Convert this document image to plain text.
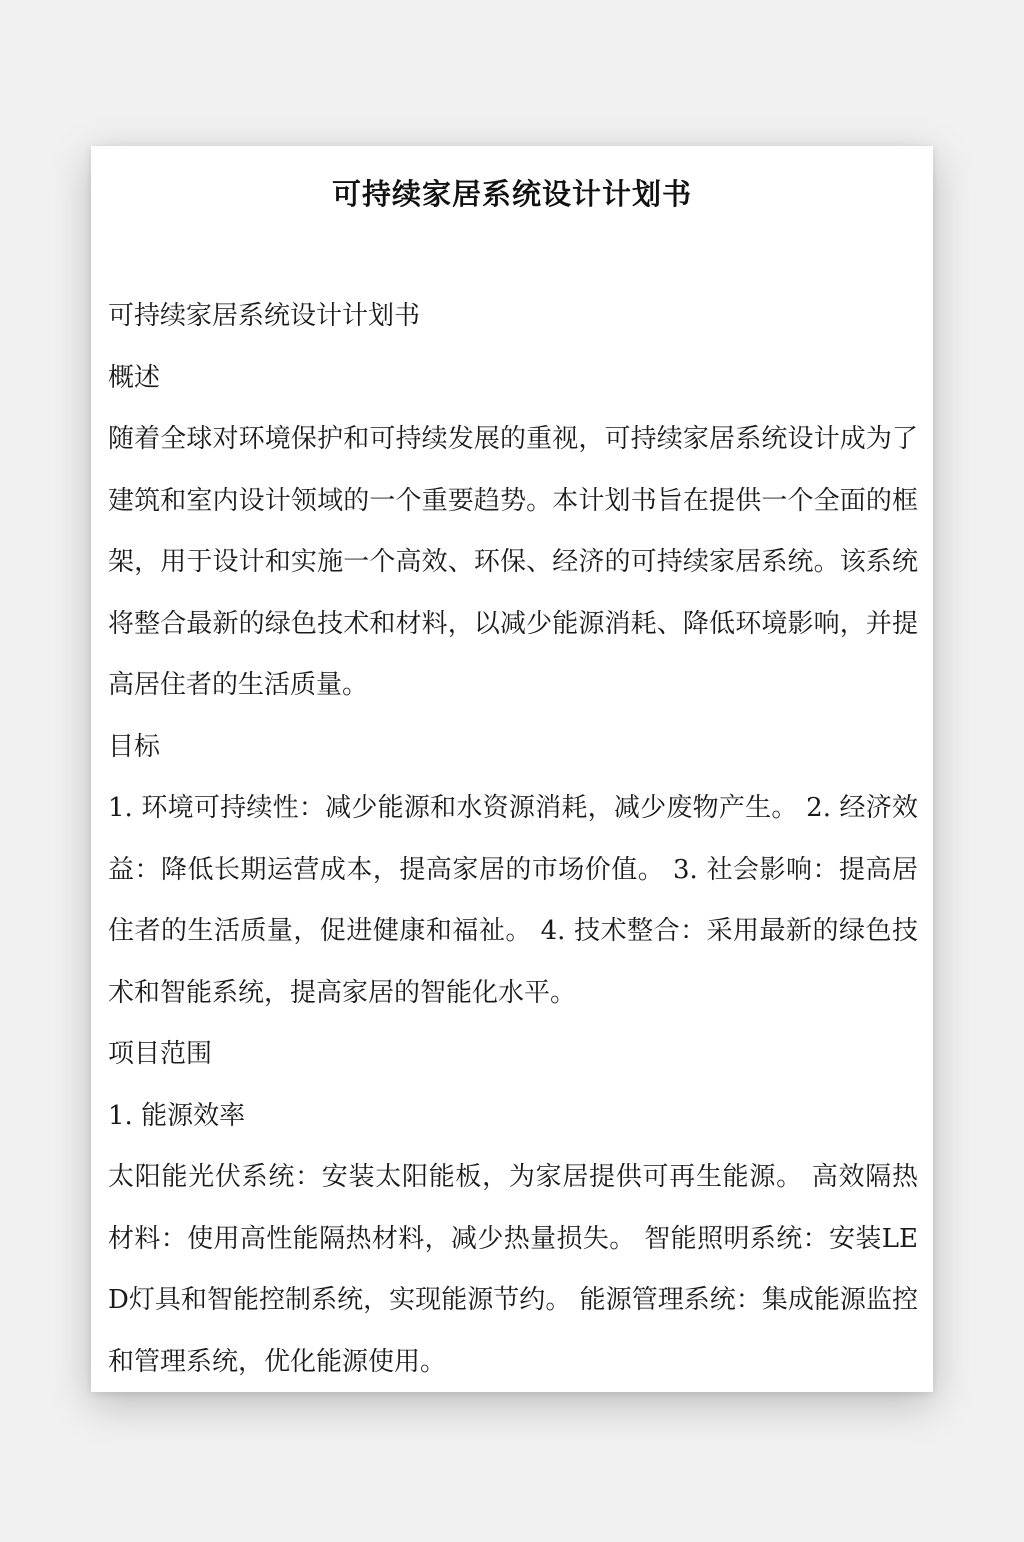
可持续家居系统设计计划书

可持续家居系统设计计划书

概述

随着全球对环境保护和可持续发展的重视，可持续家居系统设计成为了建筑和室内设计领域的一个重要趋势。本计划书旨在提供一个全面的框架，用于设计和实施一个高效、环保、经济的可持续家居系统。该系统将整合最新的绿色技术和材料，以减少能源消耗、降低环境影响，并提高居住者的生活质量。

目标

1. 环境可持续性：减少能源和水资源消耗，减少废物产生。 2. 经济效益：降低长期运营成本，提高家居的市场价值。 3. 社会影响：提高居住者的生活质量，促进健康和福祉。 4. 技术整合：采用最新的绿色技术和智能系统，提高家居的智能化水平。

项目范围

1. 能源效率

太阳能光伏系统：安装太阳能板，为家居提供可再生能源。 高效隔热材料：使用高性能隔热材料，减少热量损失。 智能照明系统：安装LED灯具和智能控制系统，实现能源节约。 能源管理系统：集成能源监控和管理系统，优化能源使用。
